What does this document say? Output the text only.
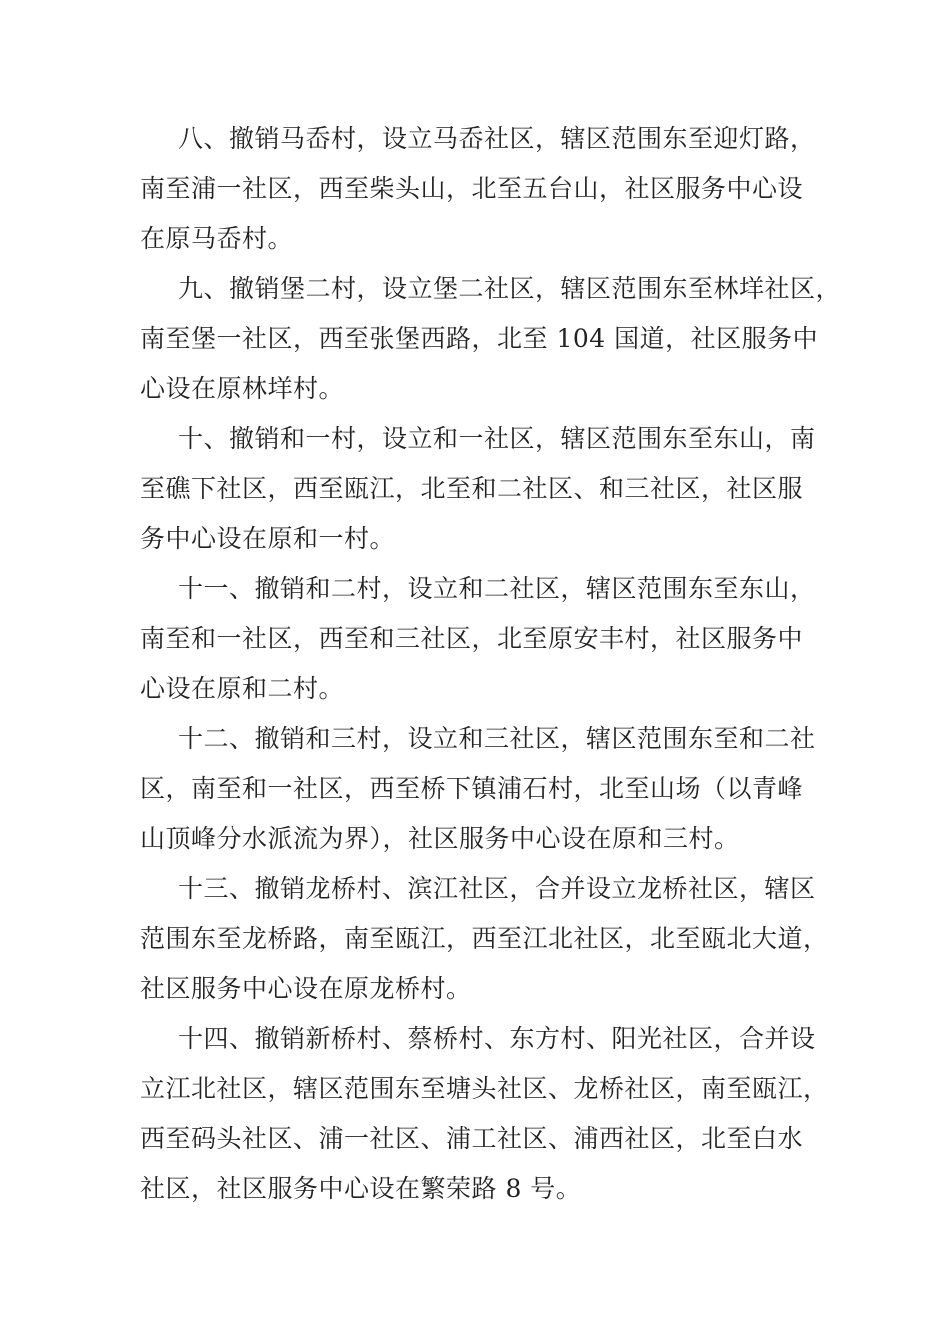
八、撤销马岙村，设立马岙社区，辖区范围东至迎灯路，
南至浦一社区，西至柴头山，北至五台山，社区服务中心设
在原马岙村。

九、撤销堡二村，设立堡二社区，辖区范围东至林垟社区，
南至堡一社区，西至张堡西路，北至 104 国道，社区服务中
心设在原林垟村。

十、撤销和一村，设立和一社区，辖区范围东至东山，南
至礁下社区，西至瓯江，北至和二社区、和三社区，社区服
务中心设在原和一村。

十一、撤销和二村，设立和二社区，辖区范围东至东山，
南至和一社区，西至和三社区，北至原安丰村，社区服务中
心设在原和二村。

十二、撤销和三村，设立和三社区，辖区范围东至和二社
区，南至和一社区，西至桥下镇浦石村，北至山场（以青峰
山顶峰分水派流为界），社区服务中心设在原和三村。

十三、撤销龙桥村、滨江社区，合并设立龙桥社区，辖区
范围东至龙桥路，南至瓯江，西至江北社区，北至瓯北大道，
社区服务中心设在原龙桥村。

十四、撤销新桥村、蔡桥村、东方村、阳光社区，合并设
立江北社区，辖区范围东至塘头社区、龙桥社区，南至瓯江，
西至码头社区、浦一社区、浦工社区、浦西社区，北至白水
社区，社区服务中心设在繁荣路 8 号。
